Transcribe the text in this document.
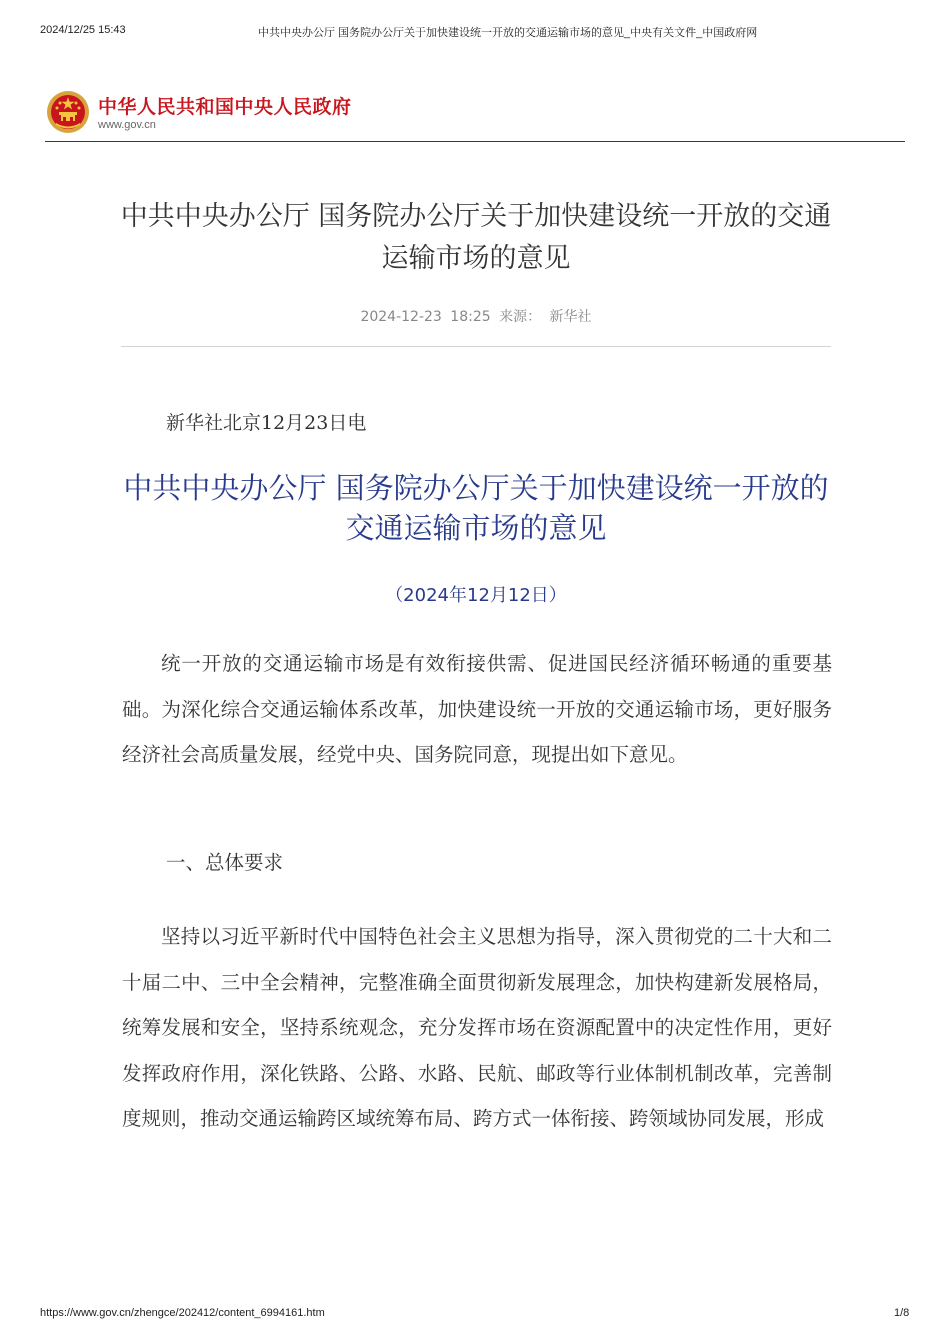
2024/12/25 15:43	中共中央办公厅 国务院办公厅关于加快建设统一开放的交通运输市场的意见_中央有关文件_中国政府网
中华人民共和国中央人民政府
www.gov.cn
中共中央办公厅 国务院办公厅关于加快建设统一开放的交通运输市场的意见
2024-12-23 18:25 来源： 新华社
新华社北京12月23日电
中共中央办公厅 国务院办公厅关于加快建设统一开放的交通运输市场的意见
（2024年12月12日）
统一开放的交通运输市场是有效衔接供需、促进国民经济循环畅通的重要基础。为深化综合交通运输体系改革，加快建设统一开放的交通运输市场，更好服务经济社会高质量发展，经党中央、国务院同意，现提出如下意见。
一、总体要求
坚持以习近平新时代中国特色社会主义思想为指导，深入贯彻党的二十大和二十届二中、三中全会精神，完整准确全面贯彻新发展理念，加快构建新发展格局，统筹发展和安全，坚持系统观念，充分发挥市场在资源配置中的决定性作用，更好发挥政府作用，深化铁路、公路、水路、民航、邮政等行业体制机制改革，完善制度规则，推动交通运输跨区域统筹布局、跨方式一体衔接、跨领域协同发展，形成
https://www.gov.cn/zhengce/202412/content_6994161.htm	1/8
